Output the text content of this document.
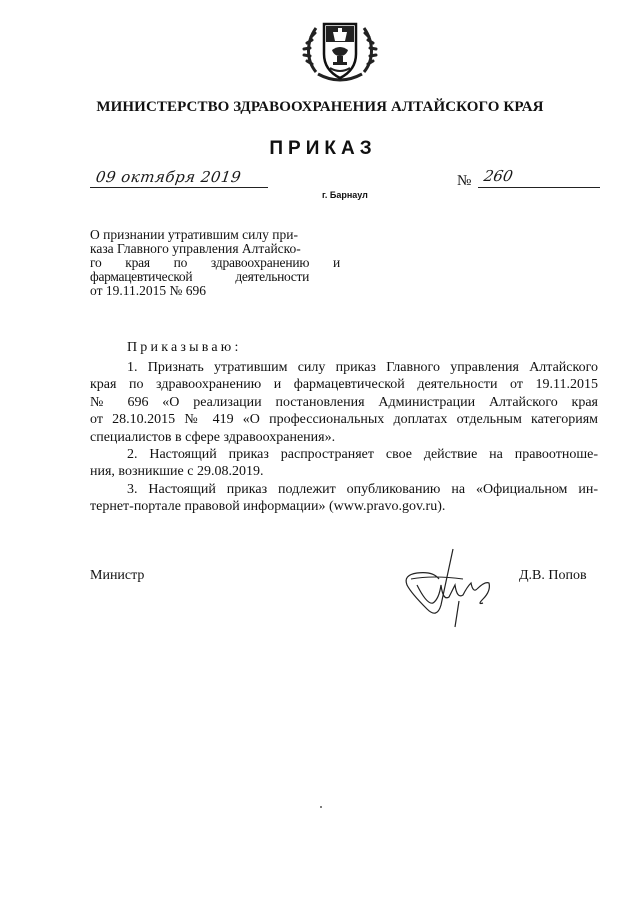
МИНИСТЕРСТВО ЗДРАВООХРАНЕНИЯ АЛТАЙСКОГО КРАЯ
ПРИКАЗ
09 октября 2019
г. Барнаул
№ 260
О признании утратившим силу при-
каза Главного управления Алтайско-
го    края    по    здравоохранению    и
фармацевтической              деятельности
от 19.11.2015 № 696
Приказываю:
1. Признать утратившим силу приказ Главного управления Алтайского
края по здравоохранению и фармацевтической деятельности от 19.11.2015
№ 696 «О реализации постановления Администрации Алтайского края
от 28.10.2015 № 419 «О профессиональных доплатах отдельным категориям
специалистов в сфере здравоохранения».
2. Настоящий приказ распространяет свое действие на правоотноше-
ния, возникшие с 29.08.2019.
3. Настоящий приказ подлежит опубликованию на «Официальном ин-
тернет-портале правовой информации» (www.pravo.gov.ru).
Министр	Д.В. Попов
